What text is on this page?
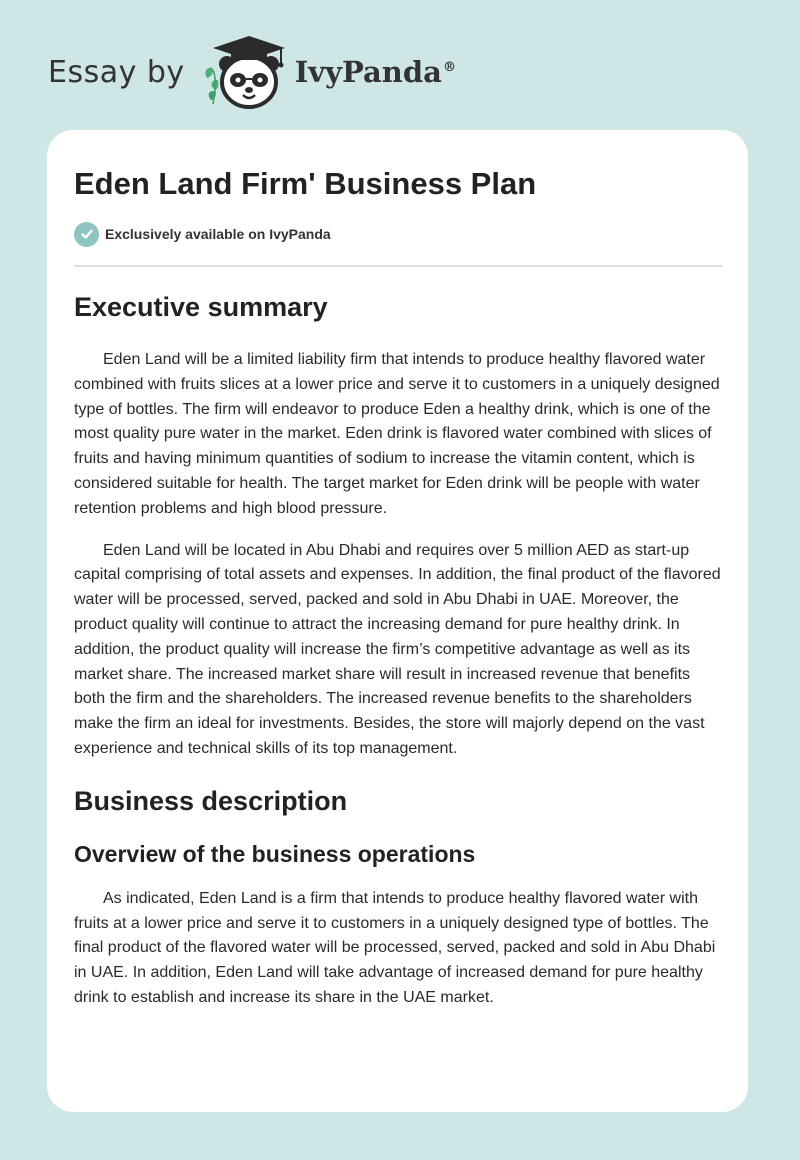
Essay by	IvyPanda®
Eden Land Firm' Business Plan
Exclusively available on IvyPanda
Executive summary

Eden Land will be a limited liability firm that intends to produce healthy flavored water combined with fruits slices at a lower price and serve it to customers in a uniquely designed type of bottles. The firm will endeavor to produce Eden a healthy drink, which is one of the most quality pure water in the market. Eden drink is flavored water combined with slices of fruits and having minimum quantities of sodium to increase the vitamin content, which is considered suitable for health. The target market for Eden drink will be people with water retention problems and high blood pressure.

Eden Land will be located in Abu Dhabi and requires over 5 million AED as start-up capital comprising of total assets and expenses. In addition, the final product of the flavored water will be processed, served, packed and sold in Abu Dhabi in UAE. Moreover, the product quality will continue to attract the increasing demand for pure healthy drink. In addition, the product quality will increase the firm’s competitive advantage as well as its market share. The increased market share will result in increased revenue that benefits both the firm and the shareholders. The increased revenue benefits to the shareholders make the firm an ideal for investments. Besides, the store will majorly depend on the vast experience and technical skills of its top management.

Business description
Overview of the business operations

As indicated, Eden Land is a firm that intends to produce healthy flavored water with fruits at a lower price and serve it to customers in a uniquely designed type of bottles. The final product of the flavored water will be processed, served, packed and sold in Abu Dhabi in UAE. In addition, Eden Land will take advantage of increased demand for pure healthy drink to establish and increase its share in the UAE market.
